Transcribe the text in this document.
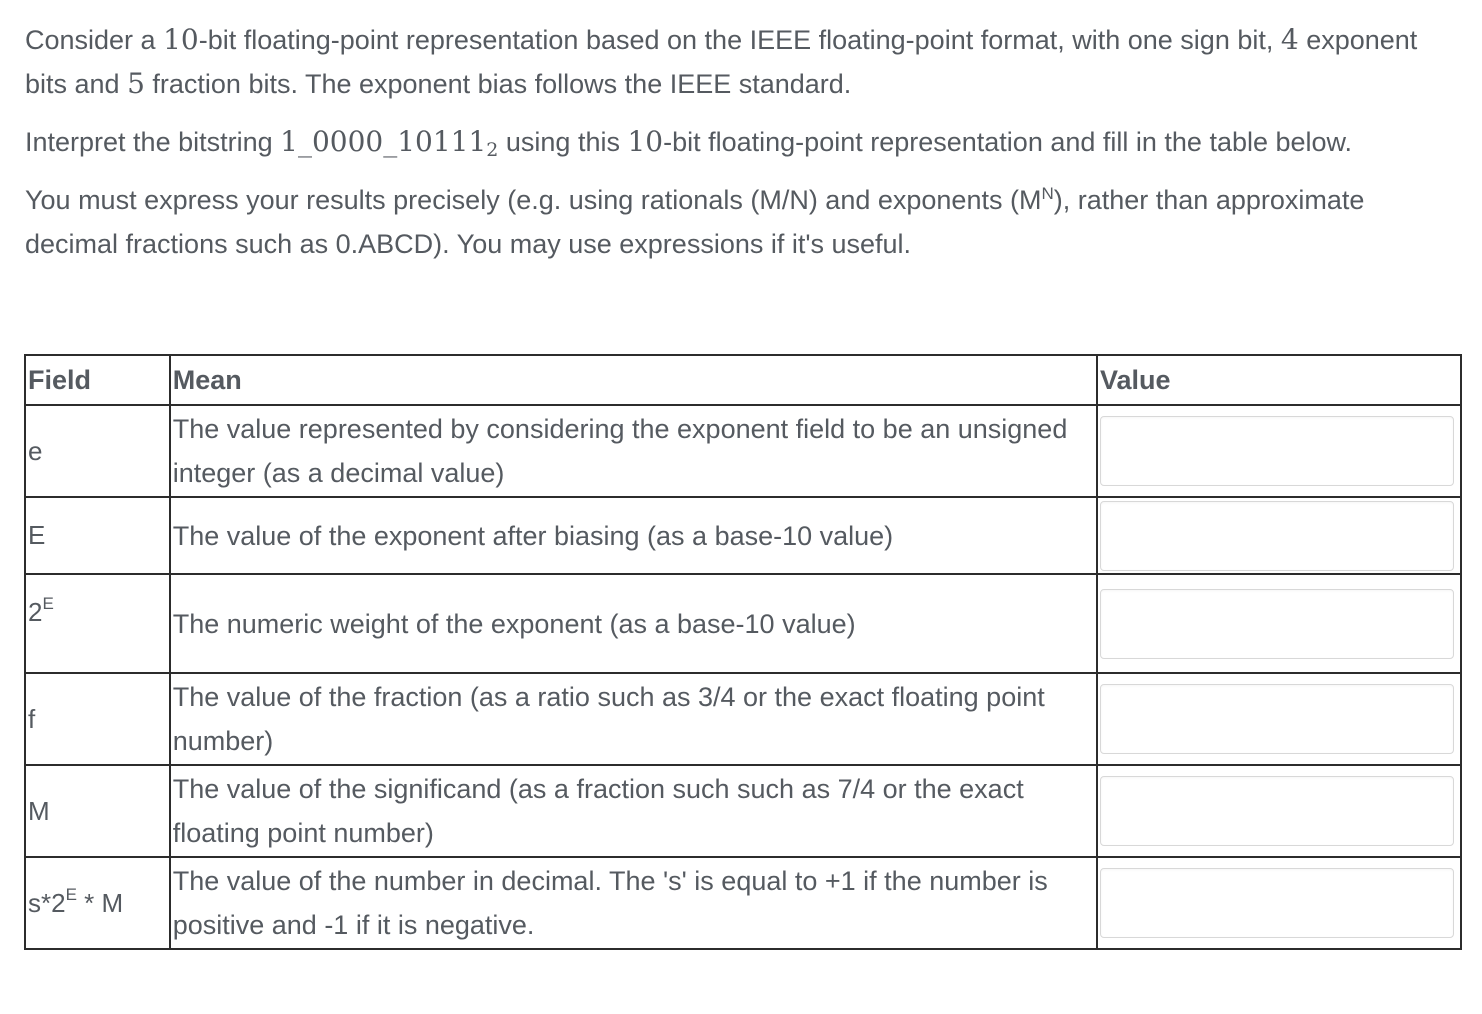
Consider a 10-bit floating-point representation based on the IEEE floating-point format, with one sign bit, 4 exponent bits and 5 fraction bits. The exponent bias follows the IEEE standard.

Interpret the bitstring $1\_0000\_10111_2$ using this 10-bit floating-point representation and fill in the table below.

You must express your results precisely (e.g. using rationals (M/N) and exponents $(M^N)$, rather than approximate decimal fractions such as 0.ABCD). You may use expressions if it's useful.

Field	Mean	Value
e	The value represented by considering the exponent field to be an unsigned integer (as a decimal value)	

E	The value of the exponent after biasing (as a base-10 value)	

$2^E$	The numeric weight of the exponent (as a base-10 value)	

f	The value of the fraction (as a ratio such as 3/4 or the exact floating point number)	

M	The value of the significand (as a fraction such such as 7/4 or the exact floating point number)	

$s*2^E$ * M	The value of the number in decimal. The 's' is equal to +1 if the number is positive and -1 if it is negative.	
